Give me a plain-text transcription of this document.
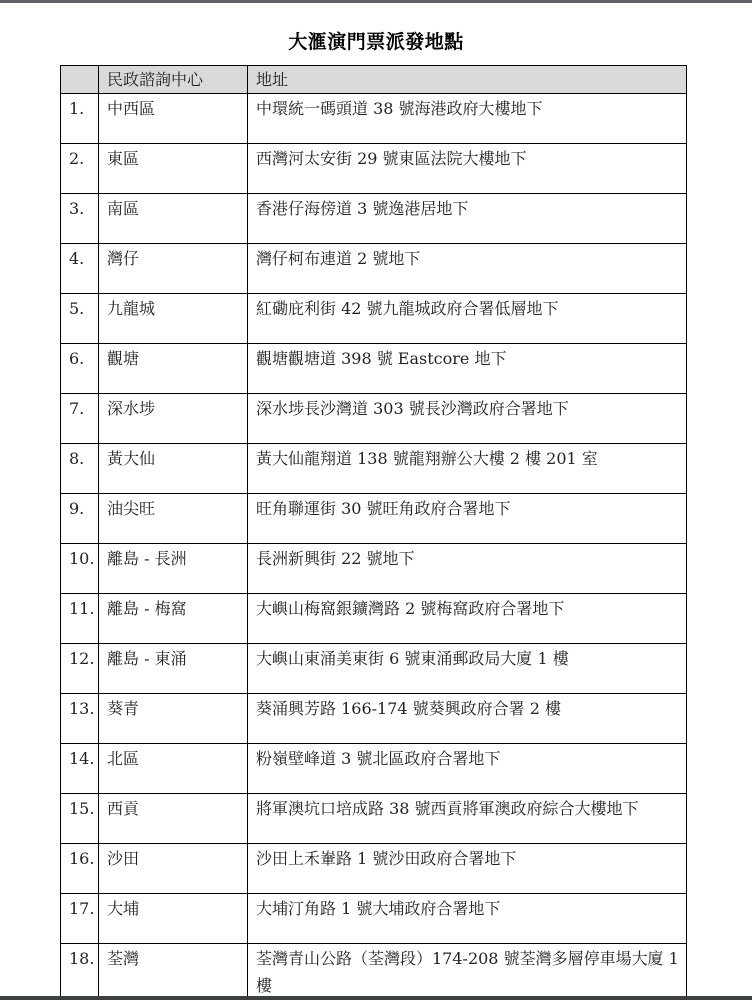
大滙演門票派發地點
	民政諮詢中心	地址
1.	中西區	中環統一碼頭道 38 號海港政府大樓地下
2.	東區	西灣河太安街 29 號東區法院大樓地下
3.	南區	香港仔海傍道 3 號逸港居地下
4.	灣仔	灣仔柯布連道 2 號地下
5.	九龍城	紅磡庇利街 42 號九龍城政府合署低層地下
6.	觀塘	觀塘觀塘道 398 號 Eastcore 地下
7.	深水埗	深水埗長沙灣道 303 號長沙灣政府合署地下
8.	黃大仙	黃大仙龍翔道 138 號龍翔辦公大樓 2 樓 201 室
9.	油尖旺	旺角聯運街 30 號旺角政府合署地下
10.	離島 - 長洲	長洲新興街 22 號地下
11.	離島 - 梅窩	大嶼山梅窩銀鑛灣路 2 號梅窩政府合署地下
12.	離島 - 東涌	大嶼山東涌美東街 6 號東涌郵政局大廈 1 樓
13.	葵青	葵涌興芳路 166-174 號葵興政府合署 2 樓
14.	北區	粉嶺壁峰道 3 號北區政府合署地下
15.	西貢	將軍澳坑口培成路 38 號西貢將軍澳政府綜合大樓地下
16.	沙田	沙田上禾輋路 1 號沙田政府合署地下
17.	大埔	大埔汀角路 1 號大埔政府合署地下
18.	荃灣	荃灣青山公路（荃灣段）174-208 號荃灣多層停車場大廈 1 樓
